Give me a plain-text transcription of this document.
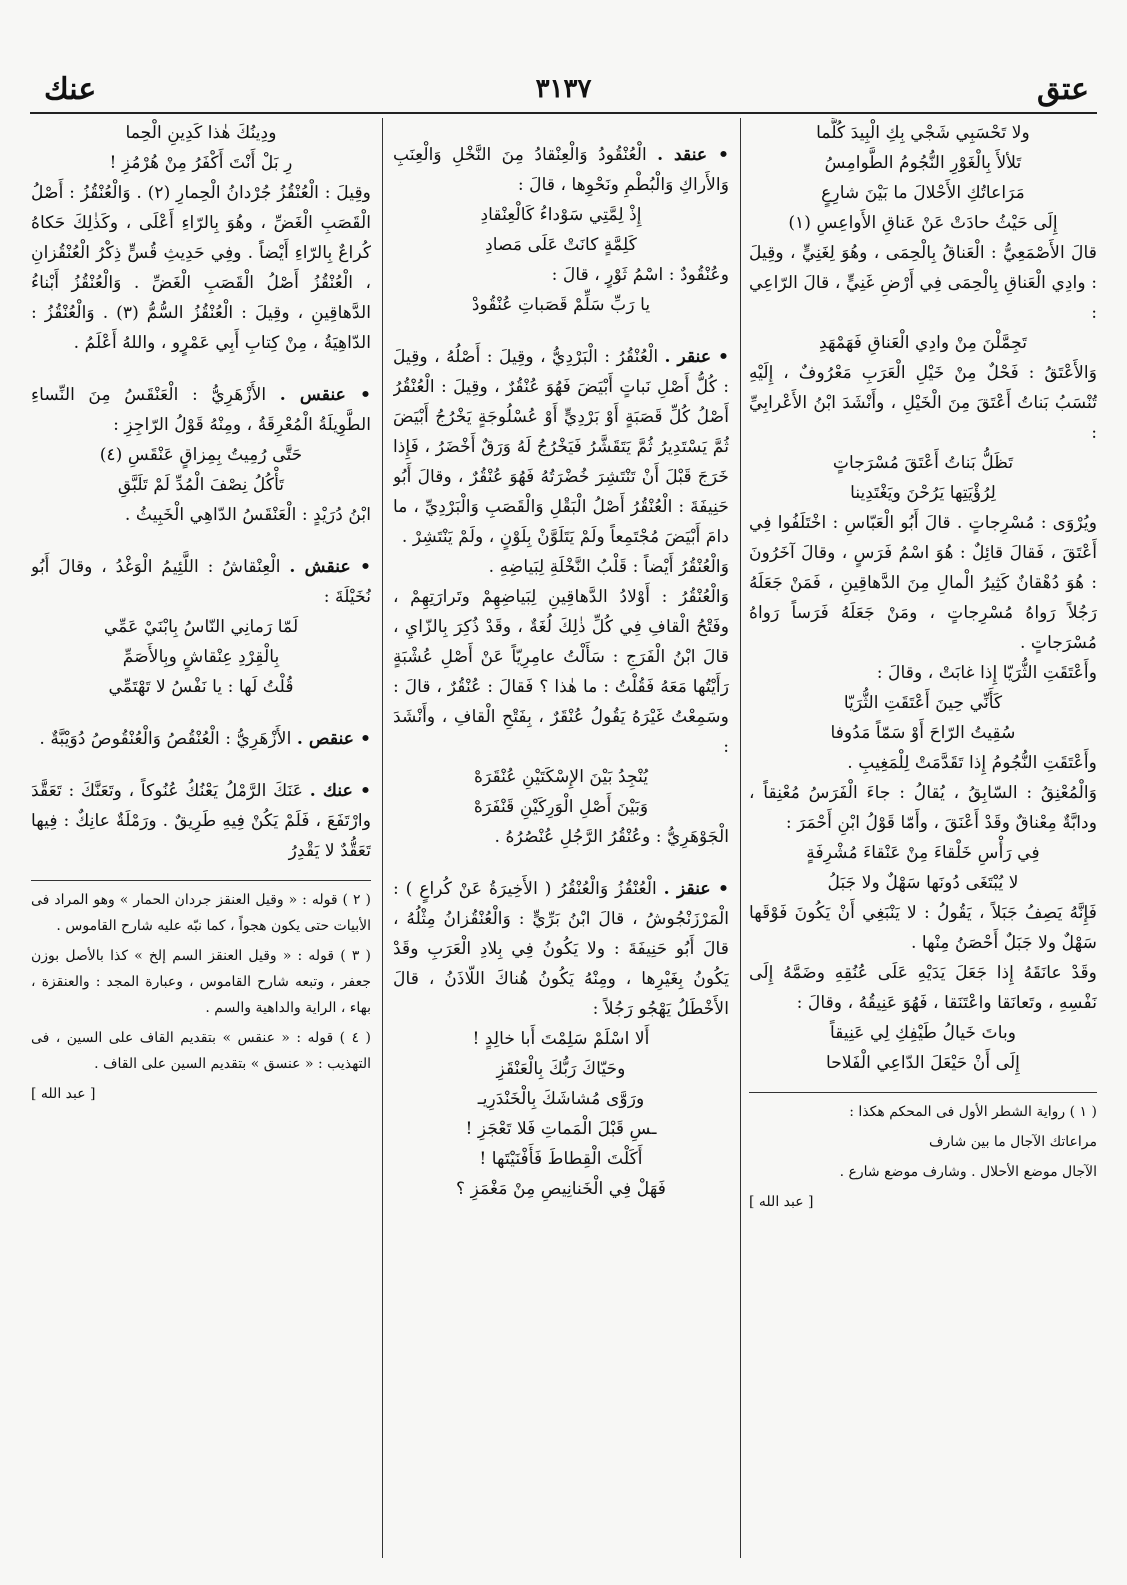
عتق
٣١٣٧
عنك

ولا تَحْسَبِي شَجْي بِكِ الْبِيدَ كُلَّما

تَلألأَ بِالْغَوْرِ النُّجُومُ الطَّوامِسُ

مَرَاعاتُكِ الأَحْلالَ ما بَيْنَ شارِعٍ

إِلَى حَيْثُ حادَتْ عَنْ عَناقِ الأَواعِسِ (١)

قالَ الأَصْمَعِيُّ : الْعَناقُ بِالْحِمَى ، وهُوَ لِغَنِيٍّ ، وقِيلَ : وادِي الْعَناقِ بِالْحِمَى فِي أَرْضِ غَنِيٍّ ، قالَ الرّاعِي :

تَجِمَّلْنَ مِنْ وادِي الْعَناقِ فَهَمْهَدِ

وَالأَعْتَقُ : فَحْلٌ مِنْ خَيْلِ الْعَرَبِ مَعْرُوفٌ ، إِلَيْهِ تُنْسَبُ بَناتُ أَعْتَقَ مِنَ الْخَيْلِ ، وأَنْشَدَ ابْنُ الأَعْرابِيِّ :

تَظَلُّ بَناتُ أَعْتَقَ مُسْرَجاتٍ

لِرُؤْيَتِها يَرُحْنَ ويَغْتَدِينا

ويُرْوَى : مُسْرِجاتٍ . قالَ أَبُو الْعَبّاسِ : اخْتَلَفُوا فِي أَعْتَقَ ، فَقالَ قائِلٌ : هُوَ اسْمُ فَرَسٍ ، وقالَ آخَرُونَ : هُوَ دُهْقانٌ كَثِيرُ الْمالِ مِنَ الدَّهاقِينِ ، فَمَنْ جَعَلَهُ رَجُلاً رَواهُ مُسْرِجاتٍ ، ومَنْ جَعَلَهُ فَرَساً رَواهُ مُسْرَجاتٍ .

وأَعْتَقَتِ الثُّرَيّا إِذا غابَتْ ، وقالَ :

كَأَنِّي حِينَ أَعْتَقَتِ الثُّرَيّا

سُقِيتُ الرّاحَ أَوْ سَمّاً مَدُوفا

وأَعْتَقَتِ النُّجُومُ إِذا تَقَدَّمَتْ لِلْمَغِيبِ .

وَالْمُعْنِقُ : السّابِقُ ، يُقالُ : جاءَ الْفَرَسُ مُعْنِقاً ، ودابَّةٌ مِعْناقٌ وقَدْ أَعْنَقَ ، وأَمّا قَوْلُ ابْنِ أَحْمَرَ :

فِي رَأْسِ خَلْقاءَ مِنْ عَنْقاءَ مُشْرِفَةٍ

لا يُبْتَغَى دُونَها سَهْلٌ ولا جَبَلُ

فَإِنَّهُ يَصِفُ جَبَلاً ، يَقُولُ : لا يَنْبَغِي أَنْ يَكُونَ فَوْقَها سَهْلٌ ولا جَبَلٌ أَحْصَنُ مِنْها .

وقَدْ عانَقَهُ إِذا جَعَلَ يَدَيْهِ عَلَى عُنُقِهِ وضَمَّهُ إِلَى نَفْسِهِ ، وتَعانَقا واعْتَنَقا ، فَهُوَ عَنِيقُهُ ، وقالَ :

وباتَ خَيالُ طَيْفِكِ لِي عَنِيقاً

إِلَى أَنْ حَيْعَلَ الدّاعِي الْفَلاحا

( ١ ) رواية الشطر الأول فى المحكم هكذا :

مراعاتك الآجال ما بين شارف

الآجال موضع الأحلال . وشارف موضع شارع .

[ عبد الله ]

• عنقد . الْعُنْقُودُ وَالْعِنْقادُ مِنَ النَّخْلِ وَالْعِنَبِ وَالأَراكِ وَالْبُطْمِ ونَحْوِها ، قالَ :

إِذْ لِمَّتِي سَوْداءُ كَالْعِنْقادِ

كَلِمَّةٍ كانَتْ عَلَى مَصادِ

وعُنْقُودٌ : اسْمُ ثَوْرٍ ، قالَ :

يا رَبِّ سَلِّمْ قَصَباتِ عُنْقُودْ

• عنقر . الْعُنْقُرُ : الْبَرْدِيُّ ، وقِيلَ : أَصْلُهُ ، وقِيلَ : كُلُّ أَصْلِ نَباتٍ أَبْيَضَ فَهُوَ عُنْقُرٌ ، وقِيلَ : الْعُنْقُرُ أَصْلُ كُلِّ قَصَبَةٍ أَوْ بَرْدِيٍّ أَوْ عُسْلُوجَةٍ يَخْرُجُ أَبْيَضَ ثُمَّ يَسْتَدِيرُ ثُمَّ يَتَقَشَّرُ فَيَخْرُجُ لَهُ وَرَقٌ أَخْضَرُ ، فَإِذا خَرَجَ قَبْلَ أَنْ تَنْتَشِرَ خُضْرَتُهُ فَهُوَ عُنْقُرٌ ، وقالَ أَبُو حَنِيفَةَ : الْعُنْقُرُ أَصْلُ الْبَقْلِ وَالْقَصَبِ وَالْبَرْدِيِّ ، ما دامَ أَبْيَضَ مُجْتَمِعاً ولَمْ يَتَلَوَّنْ بِلَوْنٍ ، ولَمْ يَنْتَشِرْ .

وَالْعُنْقُرُ أَيْضاً : قَلْبُ النَّخْلَةِ لِبَياضِهِ .

وَالْعُنْقُرُ : أَوْلادُ الدَّهاقِينِ لِبَياضِهِمْ وتَرارَتِهِمْ ، وفَتْحُ الْقافِ فِي كُلِّ ذٰلِكَ لُغَةٌ ، وقَدْ ذُكِرَ بِالزّايِ ، قالَ ابْنُ الْفَرَجِ : سَأَلْتُ عامِرِيّاً عَنْ أَصْلِ عُشْبَةٍ رَأَيْتُها مَعَهُ فَقُلْتُ : ما هٰذا ؟ فَقالَ : عُنْقُرٌ ، قالَ : وسَمِعْتُ غَيْرَهُ يَقُولُ عُنْقَرٌ ، بِفَتْحِ الْقافِ ، وأَنْشَدَ :

يُنْجِدُ بَيْنَ الإِسْكَتَيْنِ عُنْقَرَهْ

وَبَيْنَ أَصْلِ الْوَرِكَيْنِ قَنْفَرَهْ

الْجَوْهَرِيُّ : وعُنْقُرُ الرَّجُلِ عُنْصُرُهُ .

• عنقز . الْعُنْقُزُ وَالْعُنْقُرُ ( الأَخِيرَةُ عَنْ كُراعٍ ) : الْمَرْزَنْجُوشُ ، قالَ ابْنُ بَرِّيٍّ : وَالْعُنْقُزانُ مِثْلُهُ ، قالَ أَبُو حَنِيفَةَ : ولا يَكُونُ فِي بِلادِ الْعَرَبِ وقَدْ يَكُونُ بِغَيْرِها ، ومِنْهُ يَكُونُ هُناكَ اللّاذَنُ ، قالَ الأَخْطَلُ يَهْجُو رَجُلاً :

أَلا اسْلَمْ سَلِمْتَ أَبا خالِدٍ !

وحَيّاكَ رَبُّكَ بِالْعَنْقَزِ

ورَوَّى مُشاشَكَ بِالْخَنْدَرِيـ

ـسِ قَبْلَ الْمَماتِ فَلا تَعْجَزِ !

أَكَلْتَ الْقِطاطَ فَأَفْنَيْتَها !

فَهَلْ فِي الْخَنانِيصِ مِنْ مَغْمَزِ ؟

ودِينُكَ هٰذا كَدِينِ الْحِما

رِ بَلْ أَنْتَ أَكْفَرُ مِنْ هُرْمُزِ !

وقِيلَ : الْعُنْقُزُ جُرْدانُ الْحِمارِ (٢) . وَالْعُنْقُزُ : أَصْلُ الْقَصَبِ الْغَضِّ ، وهُوَ بِالرّاءِ أَعْلَى ، وكَذٰلِكَ حَكاهُ كُراعٌ بِالرّاءِ أَيْضاً . وفِي حَدِيثِ قُسٍّ ذِكْرُ الْعُنْقُزانِ ، الْعُنْقُزُ أَصْلُ الْقَصَبِ الْغَضِّ . وَالْعُنْقُزُ أَبْناءُ الدَّهاقِينِ ، وقِيلَ : الْعُنْقُزُ السُّمُّ (٣) . وَالْعُنْقُزُ : الدّاهِيَةُ ، مِنْ كِتابِ أَبِي عَمْرٍو ، واللهُ أَعْلَمُ .

• عنقس . الأَزْهَرِيُّ : الْعَنْقَسُ مِنَ النِّساءِ الطَّوِيلَةُ الْمُعْرِقَةُ ، ومِنْهُ قَوْلُ الرّاجِزِ :

حَتَّى رُمِيتُ بِمِزاقٍ عَنْقَسِ (٤)

تَأْكُلُ نِصْفَ الْمُدِّ لَمْ تَلَبَّقِ

ابْنُ دُرَيْدٍ : الْعَنْقَسُ الدّاهِي الْخَبِيثُ .

• عنقش . الْعِنْقاشُ : اللَّئِيمُ الْوَغْدُ ، وقالَ أَبُو نُخَيْلَةَ :

لَمّا رَمانِي النّاسُ بِابْنَيْ عَمِّي

بِالْقِرْدِ عِنْقاشٍ وبِالأَصَمِّ

قُلْتُ لَها : يا نَفْسُ لا تَهْتَمِّي

• عنقص . الأَزْهَرِيُّ : الْعُنْقُصُ وَالْعُنْقُوصُ دُوَيْبَّةٌ .

• عنك . عَنَكَ الرَّمْلُ يَعْنُكُ عُنُوكاً ، وتَعَنَّكَ : تَعَقَّدَ وارْتَفَعَ ، فَلَمْ يَكُنْ فِيهِ طَرِيقٌ . ورَمْلَةٌ عانِكٌ : فِيها تَعَقُّدٌ لا يَقْدِرُ

( ٢ ) قوله : « وقيل العنقز جردان الحمار » وهو المراد فى الأبيات حتى يكون هجواً ، كما نبّه عليه شارح القاموس .

( ٣ ) قوله : « وقيل العنقز السم إلخ » كذا بالأصل بوزن جعفر ، وتبعه شارح القاموس ، وعبارة المجد : والعنقزة ، بهاء ، الراية والداهية والسم .

( ٤ ) قوله : « عنقس » بتقديم القاف على السين ، فى التهذيب : « عنسق » بتقديم السين على القاف .

[ عبد الله ]
